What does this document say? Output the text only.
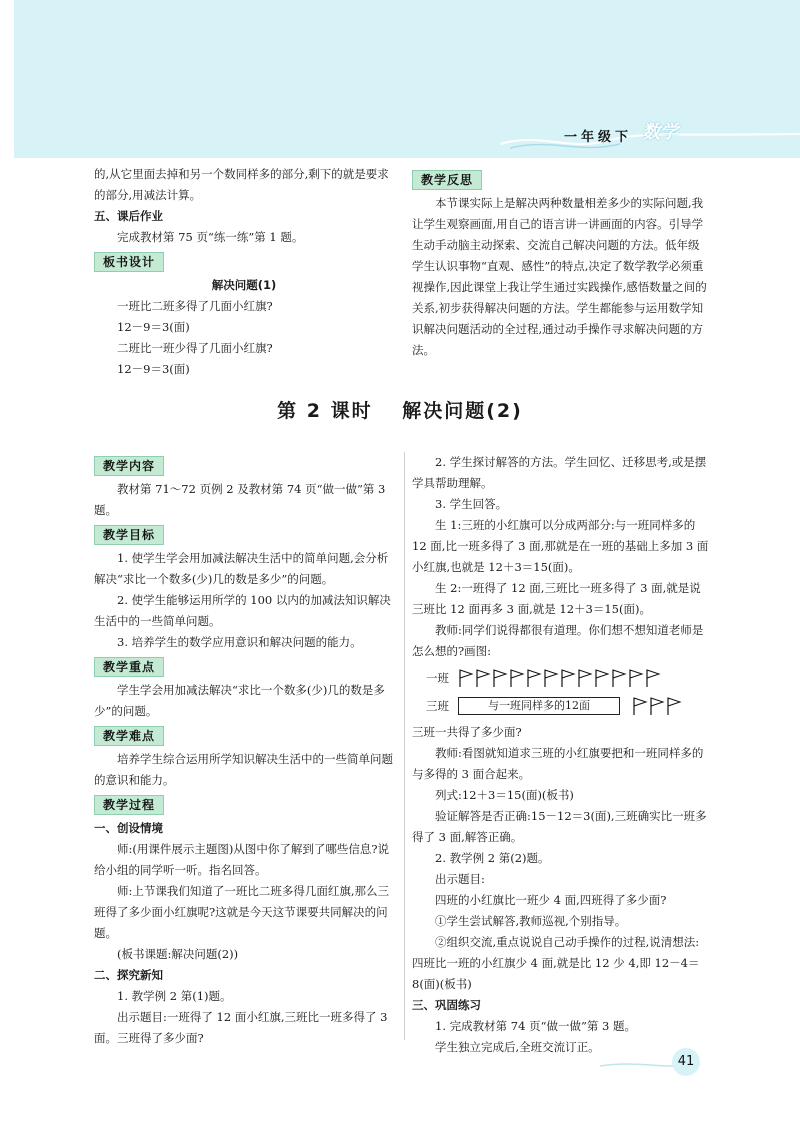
一年级下 数学

的,从它里面去掉和另一个数同样多的部分,剩下的就是要求的部分,用减法计算。

五、课后作业

完成教材第 75 页“练一练”第 1 题。

板书设计
解决问题(1)

一班比二班多得了几面小红旗?

12－9＝3(面)

二班比一班少得了几面小红旗?

12－9＝3(面)

教学反思

本节课实际上是解决两种数量相差多少的实际问题,我让学生观察画面,用自己的语言讲一讲画面的内容。引导学生动手动脑主动探索、交流自己解决问题的方法。低年级学生认识事物“直观、感性”的特点,决定了数学教学必须重视操作,因此课堂上我让学生通过实践操作,感悟数量之间的关系,初步获得解决问题的方法。学生都能参与运用数学知识解决问题活动的全过程,通过动手操作寻求解决问题的方法。

第 2 课时　 解决问题(2)
教学内容

教材第 71～72 页例 2 及教材第 74 页“做一做”第 3 题。

教学目标

1. 使学生学会用加减法解决生活中的简单问题,会分析解决“求比一个数多(少)几的数是多少”的问题。

2. 使学生能够运用所学的 100 以内的加减法知识解决生活中的一些简单问题。

3. 培养学生的数学应用意识和解决问题的能力。

教学重点

学生学会用加减法解决“求比一个数多(少)几的数是多少”的问题。

教学难点

培养学生综合运用所学知识解决生活中的一些简单问题的意识和能力。

教学过程

一、创设情境

师:(用课件展示主题图)从图中你了解到了哪些信息?说给小组的同学听一听。指名回答。

师:上节课我们知道了一班比二班多得几面红旗,那么三班得了多少面小红旗呢?这就是今天这节课要共同解决的问题。

(板书课题:解决问题(2))

二、探究新知

1. 教学例 2 第(1)题。

出示题目:一班得了 12 面小红旗,三班比一班多得了 3 面。三班得了多少面?

2. 学生探讨解答的方法。学生回忆、迁移思考,或是摆学具帮助理解。

3. 学生回答。

生 1:三班的小红旗可以分成两部分:与一班同样多的 12 面,比一班多得了 3 面,那就是在一班的基础上多加 3 面小红旗,也就是 12＋3＝15(面)。

生 2:一班得了 12 面,三班比一班多得了 3 面,就是说三班比 12 面再多 3 面,就是 12＋3＝15(面)。

教师:同学们说得都很有道理。你们想不想知道老师是怎么想的?画图:

一班
三班	与一班同样多的12面

三班一共得了多少面?

教师:看图就知道求三班的小红旗要把和一班同样多的与多得的 3 面合起来。

列式:12＋3＝15(面)(板书)

验证解答是否正确:15－12＝3(面),三班确实比一班多得了 3 面,解答正确。

2. 教学例 2 第(2)题。

出示题目:

四班的小红旗比一班少 4 面,四班得了多少面?

①学生尝试解答,教师巡视,个别指导。

②组织交流,重点说说自己动手操作的过程,说清想法:四班比一班的小红旗少 4 面,就是比 12 少 4,即 12－4＝8(面)(板书)

三、巩固练习

1. 完成教材第 74 页“做一做”第 3 题。

学生独立完成后,全班交流订正。

41
